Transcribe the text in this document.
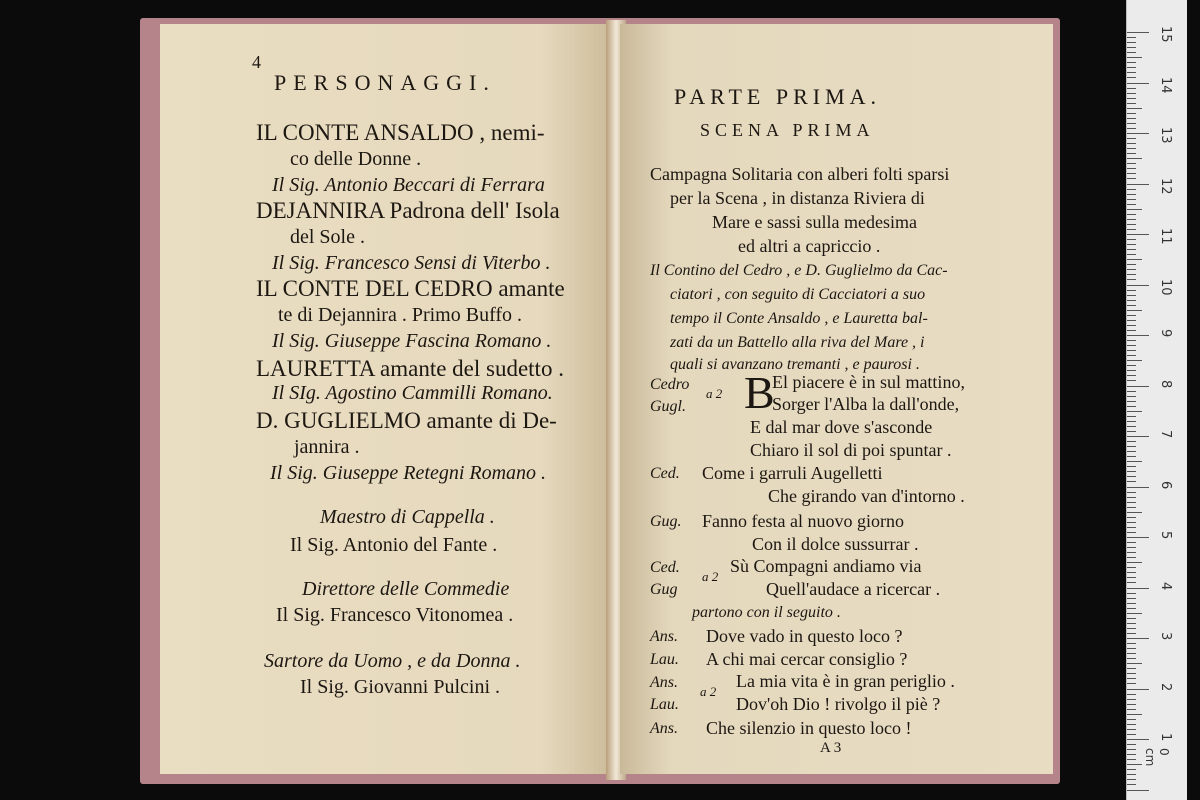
4
PERSONAGGI.
IL CONTE ANSALDO , nemi-
co delle Donne .
Il Sig. Antonio Beccari di Ferrara
DEJANNIRA Padrona dell' Isola
del Sole .
Il Sig. Francesco Sensi di Viterbo .
IL CONTE DEL CEDRO amante
te di Dejannira . Primo Buffo .
Il Sig. Giuseppe Fascina Romano .
LAURETTA amante del sudetto .
Il SIg. Agostino Cammilli Romano.
D. GUGLIELMO amante di De-
jannira .
Il Sig. Giuseppe Retegni Romano .
Maestro di Cappella .
Il Sig. Antonio del Fante .
Direttore delle Commedie
Il Sig. Francesco Vitonomea .
Sartore da Uomo , e da Donna .
Il Sig. Giovanni Pulcini .
PARTE PRIMA.
SCENA PRIMA
Campagna Solitaria con alberi folti sparsi
per la Scena , in distanza Riviera di
Mare e sassi sulla medesima
ed altri a capriccio .
Il Contino del Cedro , e D. Guglielmo da Cac-
ciatori , con seguito di Cacciatori a suo
tempo il Conte Ansaldo , e Lauretta bal-
zati da un Battello alla riva del Mare , i
quali si avanzano tremanti , e paurosi .
Cedro
Gugl.
a 2 B
El piacere è in sul mattino,
Sorger l'Alba la dall'onde,
E dal mar dove s'asconde
Chiaro il sol di poi spuntar .
Ced. Come i garruli Augelletti
Che girando van d'intorno .
Gug. Fanno festa al nuovo giorno
Con il dolce sussurrar .
Ced.
Gug
a 2
Sù Compagni andiamo via
Quell'audace a ricercar .
partono con il seguito .
Ans. Dove vado in questo loco ?
Lau. A chi mai cercar consiglio ?
Ans.
Lau.
a 2
La mia vita è in gran periglio .
Dov'oh Dio ! rivolgo il piè ?
Ans. Che silenzio in questo loco !
A 3	0 cm
15
14
13
12
11
10
9
8
7
6
5
4
3
2
1
